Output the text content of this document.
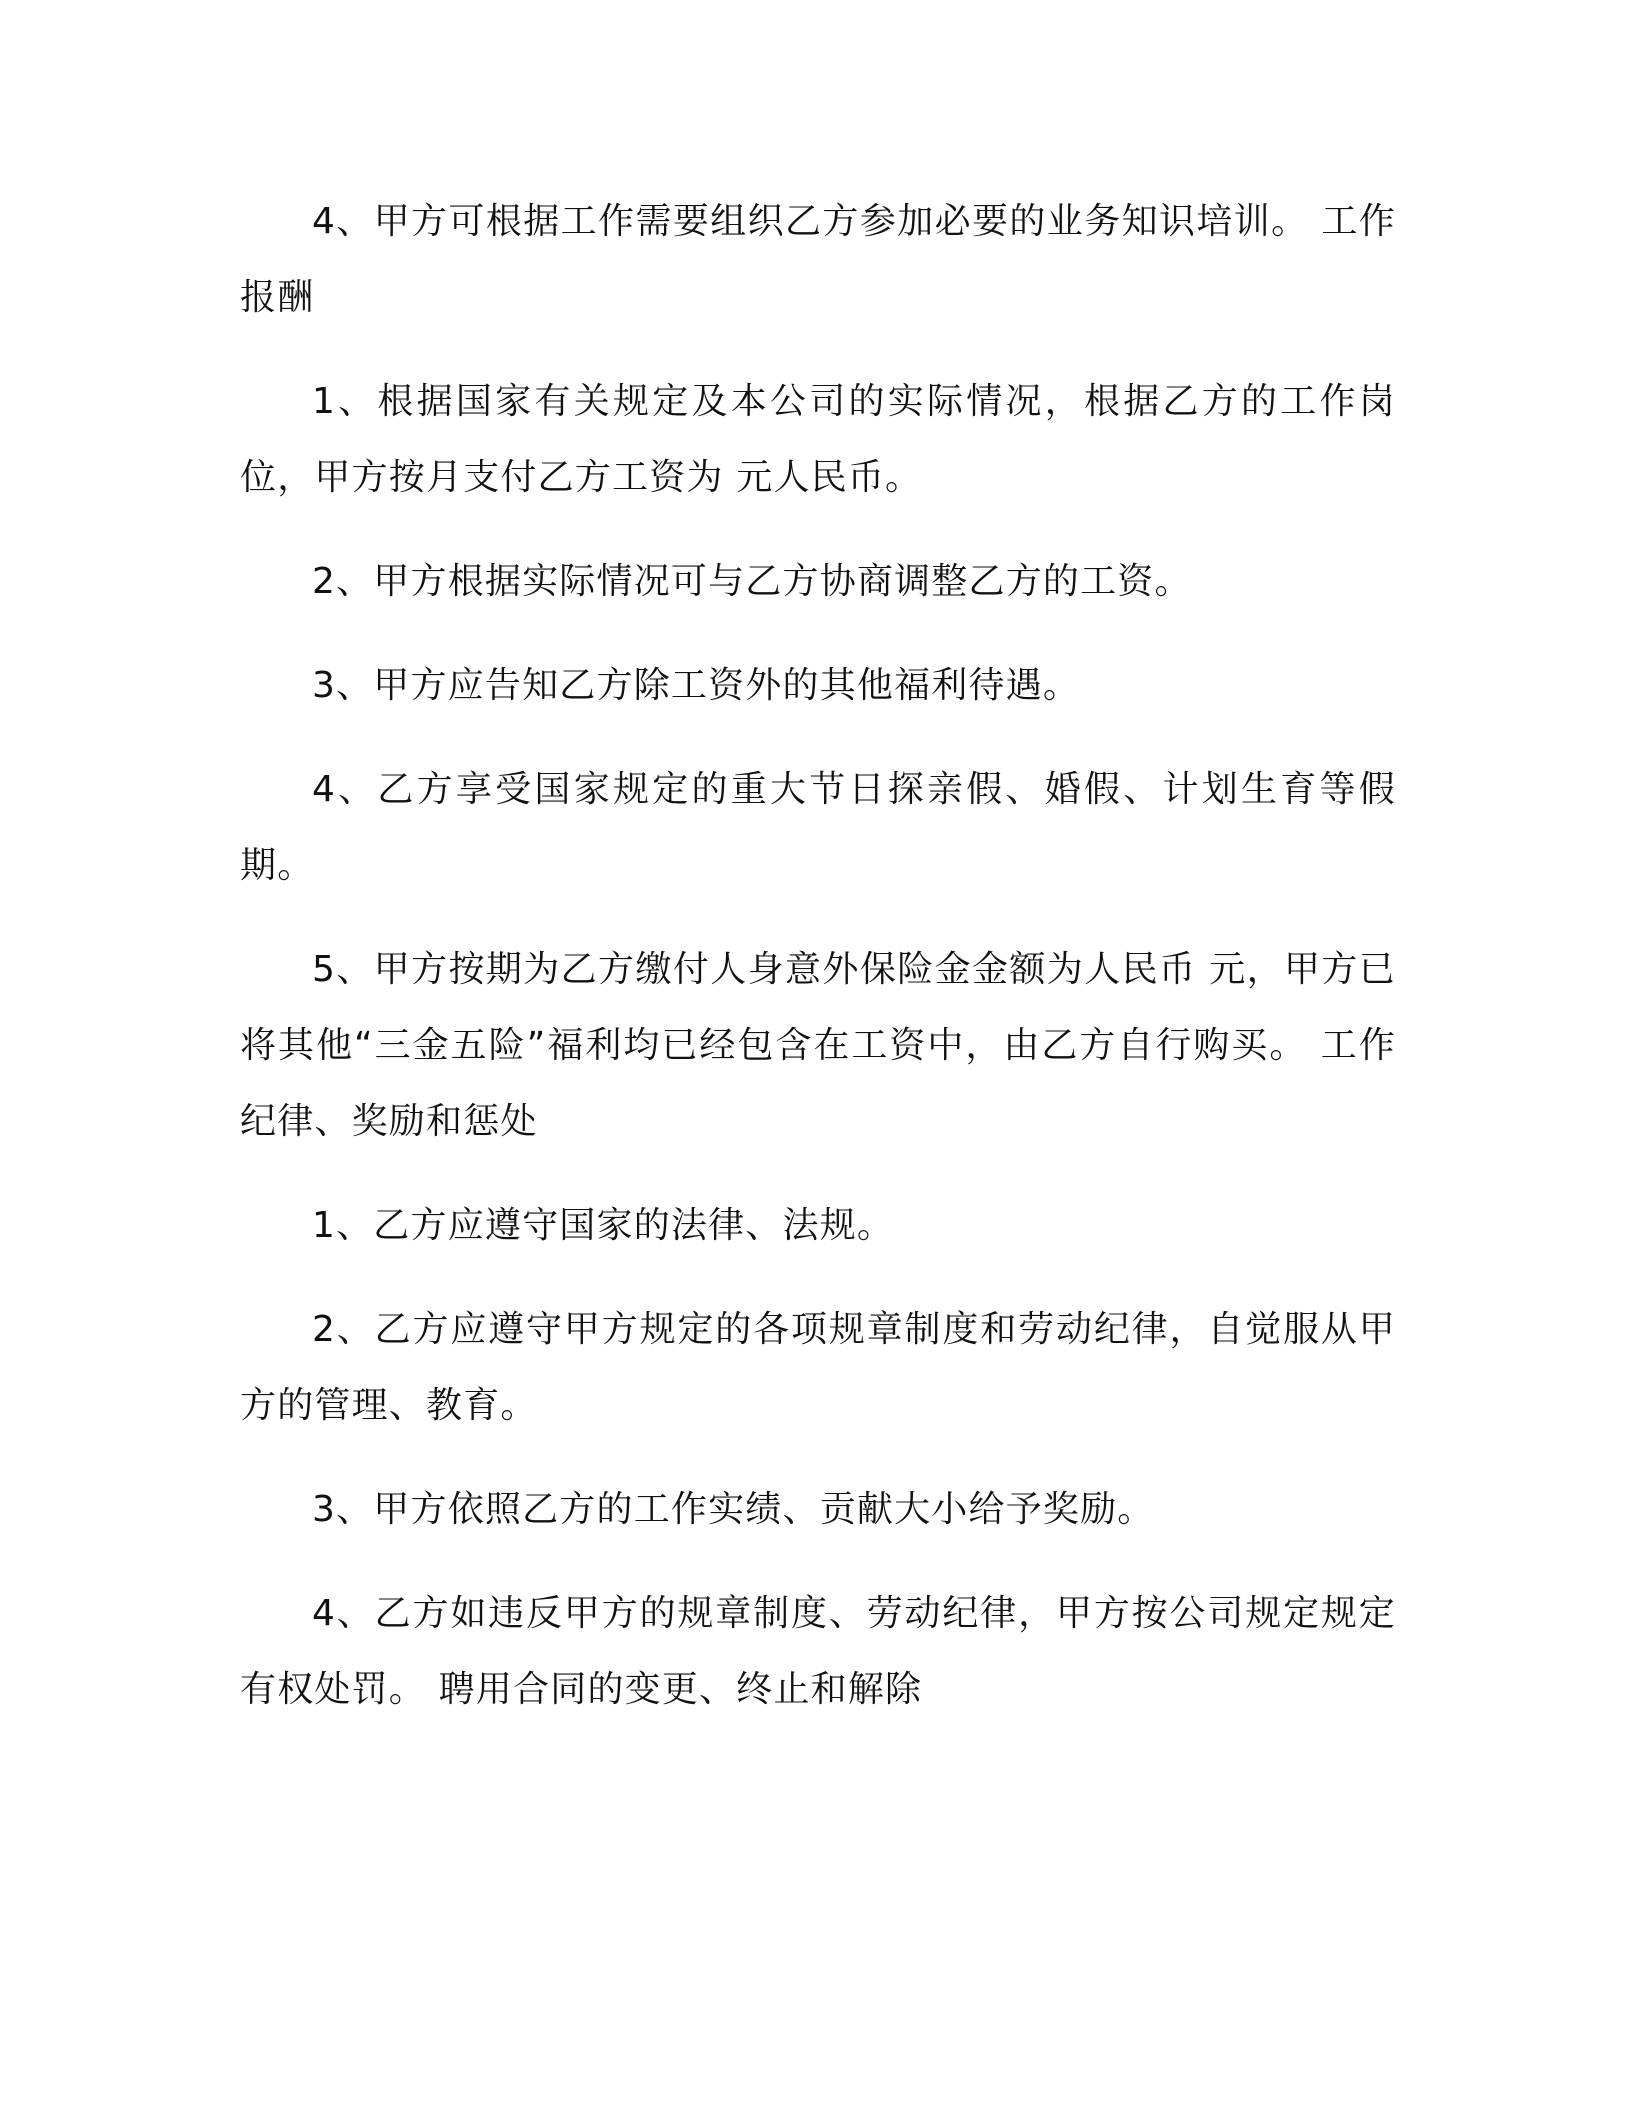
4、甲方可根据工作需要组织乙方参加必要的业务知识培训。 工作报酬

1、根据国家有关规定及本公司的实际情况，根据乙方的工作岗位，甲方按月支付乙方工资为 元人民币。

2、甲方根据实际情况可与乙方协商调整乙方的工资。

3、甲方应告知乙方除工资外的其他福利待遇。

4、乙方享受国家规定的重大节日探亲假、婚假、计划生育等假期。

5、甲方按期为乙方缴付人身意外保险金金额为人民币 元，甲方已将其他“三金五险”福利均已经包含在工资中，由乙方自行购买。 工作纪律、奖励和惩处

1、乙方应遵守国家的法律、法规。

2、乙方应遵守甲方规定的各项规章制度和劳动纪律，自觉服从甲方的管理、教育。

3、甲方依照乙方的工作实绩、贡献大小给予奖励。

4、乙方如违反甲方的规章制度、劳动纪律，甲方按公司规定规定有权处罚。 聘用合同的变更、终止和解除
